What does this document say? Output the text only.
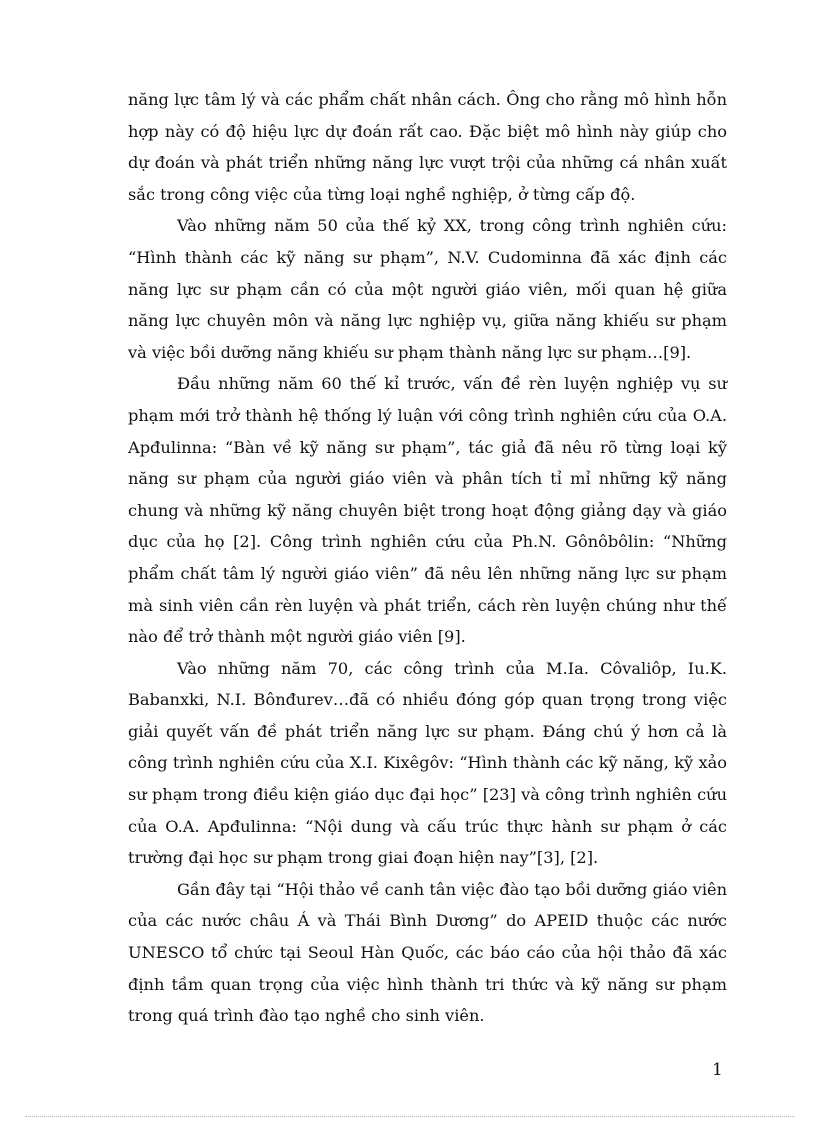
năng lực tâm lý và các phẩm chất nhân cách. Ông cho rằng mô hình hỗn hợp này có độ hiệu lực dự đoán rất cao. Đặc biệt mô hình này giúp cho dự đoán và phát triển những năng lực vượt trội của những cá nhân xuất sắc trong công việc của từng loại nghề nghiệp, ở từng cấp độ.

Vào những năm 50 của thế kỷ XX, trong công trình nghiên cứu: “Hình thành các kỹ năng sư phạm”, N.V. Cudominna đã xác định các năng lực sư phạm cần có của một người giáo viên, mối quan hệ giữa năng lực chuyên môn và năng lực nghiệp vụ, giữa năng khiếu sư phạm và việc bồi dưỡng năng khiếu sư phạm thành năng lực sư phạm…[9].

Đầu những năm 60 thế kỉ trước, vấn đề rèn luyện nghiệp vụ sư phạm mới trở thành hệ thống lý luận với công trình nghiên cứu của O.A. Apđulinna: “Bàn về kỹ năng sư phạm”, tác giả đã nêu rõ từng loại kỹ năng sư phạm của người giáo viên và phân tích tỉ mỉ những kỹ năng chung và những kỹ năng chuyên biệt trong hoạt động giảng dạy và giáo dục của họ [2]. Công trình nghiên cứu của Ph.N. Gônôbôlin: “Những phẩm chất tâm lý người giáo viên” đã nêu lên những năng lực sư phạm mà sinh viên cần rèn luyện và phát triển, cách rèn luyện chúng như thế nào để trở thành một người giáo viên [9].

Vào những năm 70, các công trình của M.Ia. Côvaliôp, Iu.K. Babanxki, N.I. Bônđurev…đã có nhiều đóng góp quan trọng trong việc giải quyết vấn đề phát triển năng lực sư phạm. Đáng chú ý hơn cả là công trình nghiên cứu của X.I. Kixêgôv: “Hình thành các kỹ năng, kỹ xảo sư phạm trong điều kiện giáo dục đại học” [23] và công trình nghiên cứu của O.A. Apđulinna: “Nội dung và cấu trúc thực hành sư phạm ở các trường đại học sư phạm trong giai đoạn hiện nay”[3], [2].

Gần đây tại “Hội thảo về canh tân việc đào tạo bồi dưỡng giáo viên của các nước châu Á và Thái Bình Dương” do APEID thuộc các nước UNESCO tổ chức tại Seoul Hàn Quốc, các báo cáo của hội thảo đã xác định tầm quan trọng của việc hình thành tri thức và kỹ năng sư phạm trong quá trình đào tạo nghề cho sinh viên.

1
